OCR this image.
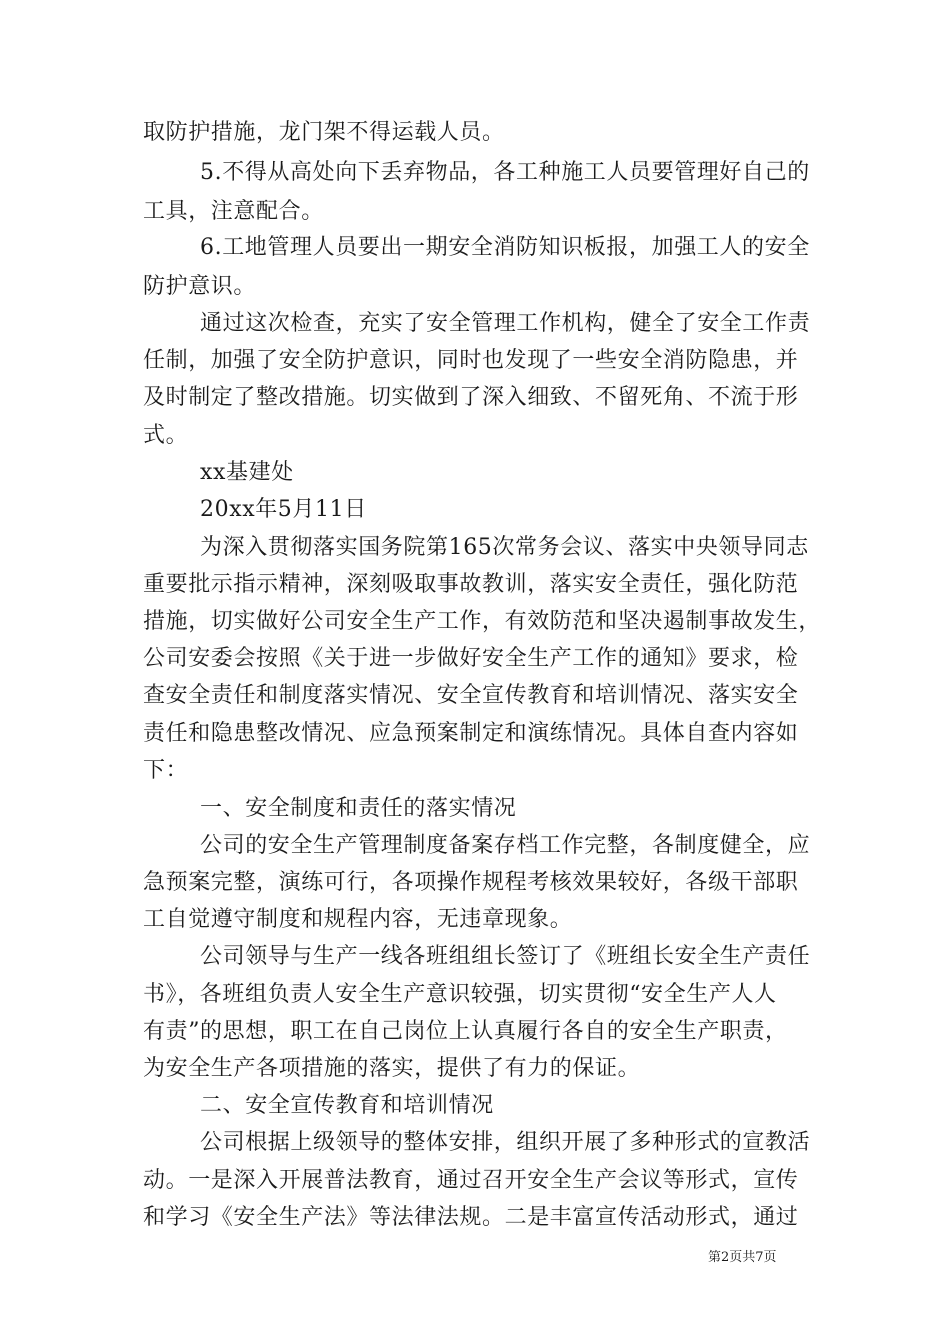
取防护措施，龙门架不得运载人员。
5.不得从高处向下丢弃物品，各工种施工人员要管理好自己的
工具，注意配合。
6.工地管理人员要出一期安全消防知识板报，加强工人的安全
防护意识。
通过这次检查，充实了安全管理工作机构，健全了安全工作责
任制，加强了安全防护意识，同时也发现了一些安全消防隐患，并
及时制定了整改措施。切实做到了深入细致、不留死角、不流于形
式。
xx基建处
20xx年5月11日
为深入贯彻落实国务院第165次常务会议、落实中央领导同志
重要批示指示精神，深刻吸取事故教训，落实安全责任，强化防范
措施，切实做好公司安全生产工作，有效防范和坚决遏制事故发生，
公司安委会按照《关于进一步做好安全生产工作的通知》要求，检
查安全责任和制度落实情况、安全宣传教育和培训情况、落实安全
责任和隐患整改情况、应急预案制定和演练情况。具体自查内容如
下：
一、安全制度和责任的落实情况
公司的安全生产管理制度备案存档工作完整，各制度健全，应
急预案完整，演练可行，各项操作规程考核效果较好，各级干部职
工自觉遵守制度和规程内容，无违章现象。
公司领导与生产一线各班组组长签订了《班组长安全生产责任
书》，各班组负责人安全生产意识较强，切实贯彻“安全生产人人
有责”的思想，职工在自己岗位上认真履行各自的安全生产职责，
为安全生产各项措施的落实，提供了有力的保证。
二、安全宣传教育和培训情况
公司根据上级领导的整体安排，组织开展了多种形式的宣教活
动。一是深入开展普法教育，通过召开安全生产会议等形式，宣传
和学习《安全生产法》等法律法规。二是丰富宣传活动形式，通过
第2页共7页
